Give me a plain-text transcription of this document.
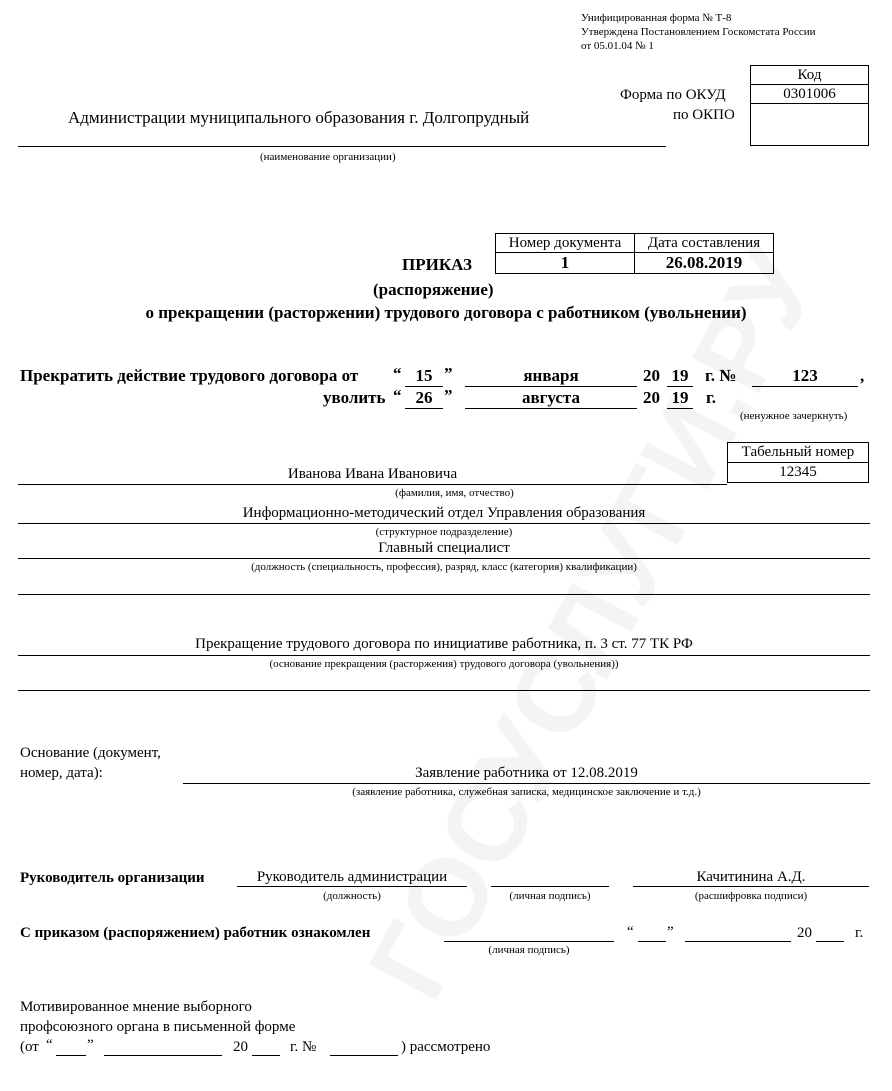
Унифицированная форма № Т-8
Утверждена Постановлением Госкомстата России
от 05.01.04 № 1
Форма по ОКУД
по ОКПО
Код
0301006

Администрации муниципального образования г. Долгопрудный
(наименование организации)
ПРИКАЗ
Номер документа	Дата составления
1	26.08.2019
(распоряжение)
о прекращении (расторжении) трудового договора с работником (увольнении)
Прекратить действие трудового договора от “ 15 ”	января	20 19 г. №	123	,
уволить “ 26 ”	августа	20 19 г.
(ненужное зачеркнуть)
Табельный номер
12345
Иванова Ивана Ивановича
(фамилия, имя, отчество)
Информационно-методический отдел Управления образования
(структурное подразделение)
Главный специалист
(должность (специальность, профессия), разряд, класс (категория) квалификации)
Прекращение трудового договора по инициативе работника, п. 3 ст. 77 ТК РФ
(основание прекращения (расторжения) трудового договора (увольнения))
Основание (документ,
номер, дата):	Заявление работника от 12.08.2019
(заявление работника, служебная записка, медицинское заключение и т.д.)
Руководитель организации	Руководитель администрации
(должность)	(личная подпись)
Качитинина А.Д.
(расшифровка подписи)
С приказом (распоряжением) работник ознакомлен
(личная подпись)
“ ”	20	г.
Мотивированное мнение выборного
профсоюзного органа в письменной форме
(от “ ”	20	г. №	) рассмотрено
